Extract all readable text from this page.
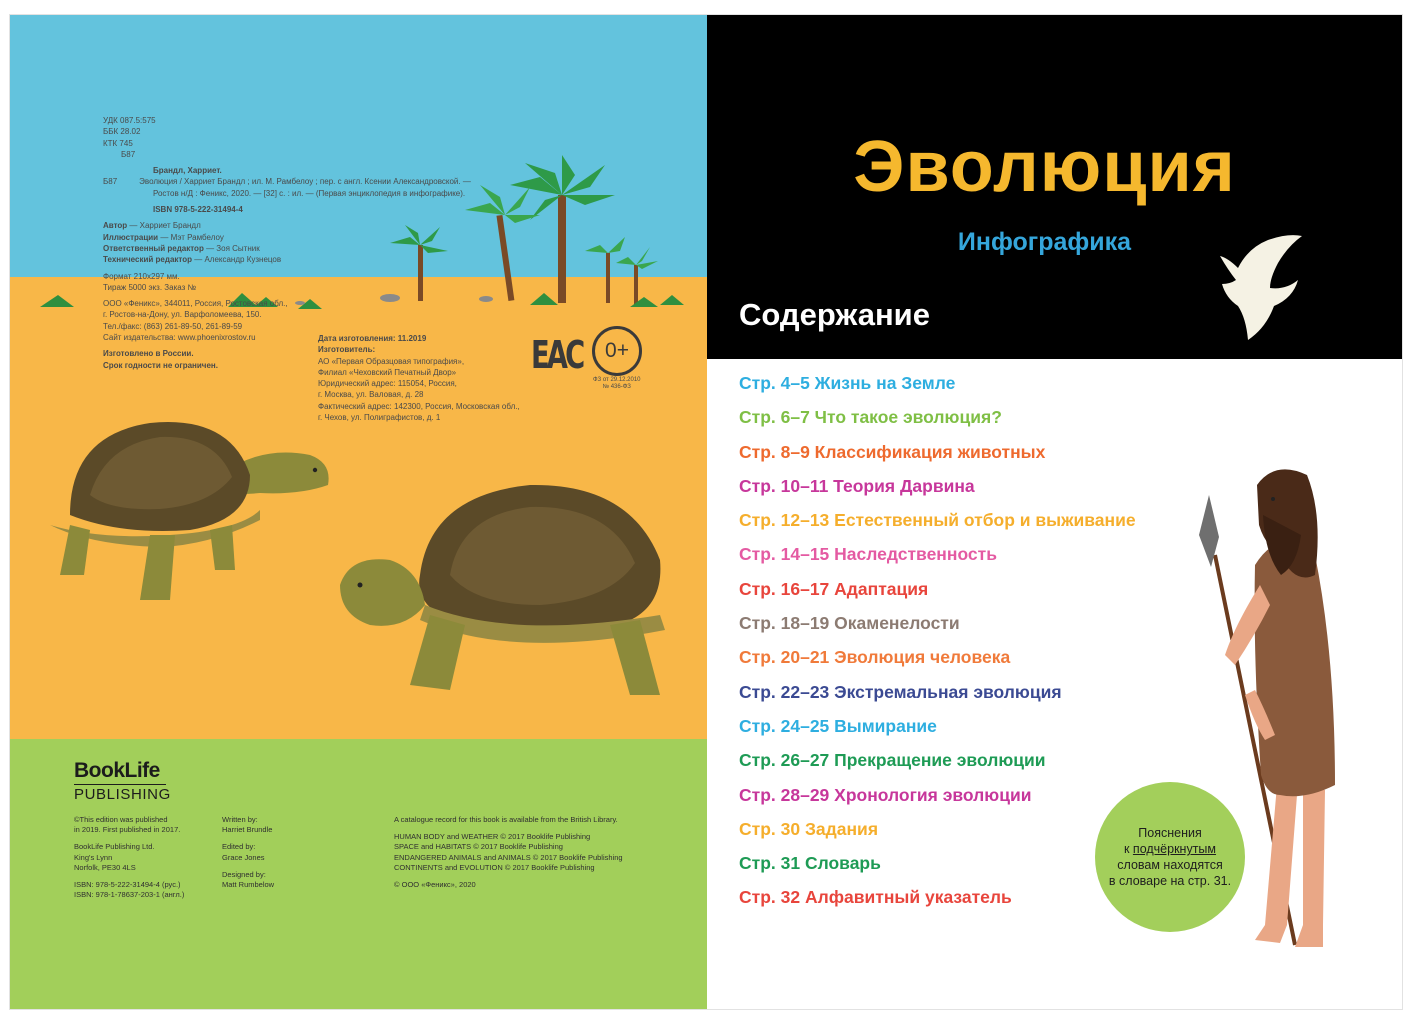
УДК 087.5:575
ББК 28.02
КТК 745
Б87
Брандл, Харриет.
Б87	Эволюция / Харриет Брандл ; ил. М. Рамбелоу ; пер. с англ. Ксении Александровской. —
Ростов н/Д : Феникс, 2020. — [32] с. : ил. — (Первая энциклопедия в инфографике).
ISBN 978-5-222-31494-4
Автор — Харриет Брандл
Иллюстрации — Мэт Рамбелоу
Ответственный редактор — Зоя Сытник
Технический редактор — Александр Кузнецов
Формат 210x297 мм.
Тираж 5000 экз. Заказ №
ООО «Феникс», 344011, Россия, Ростовская обл.,
г. Ростов-на-Дону, ул. Варфоломеева, 150.
Тел./факс: (863) 261-89-50, 261-89-59
Сайт издательства: www.phoenixrostov.ru
Изготовлено в России.
Срок годности не ограничен.
Дата изготовления: 11.2019
Изготовитель:
АО «Первая Образцовая типография»,
Филиал «Чеховский Печатный Двор»
Юридический адрес: 115054, Россия,
г. Москва, ул. Валовая, д. 28
Фактический адрес: 142300, Россия, Московская обл.,
г. Чехов, ул. Полиграфистов, д. 1
EAC	0+
ФЗ от 29.12.2010
№ 436-ФЗ
BookLife
PUBLISHING
©This edition was published
in 2019. First published in 2017.
BookLife Publishing Ltd.
King's Lynn
Norfolk, PE30 4LS
ISBN: 978-5-222-31494-4 (рус.)
ISBN: 978-1-78637-203-1 (англ.)
Written by:
Harriet Brundle
Edited by:
Grace Jones
Designed by:
Matt Rumbelow
A catalogue record for this book is available from the British Library.
HUMAN BODY and WEATHER © 2017 Booklife Publishing
SPACE and HABITATS © 2017 Booklife Publishing
ENDANGERED ANIMALS and ANIMALS © 2017 Booklife Publishing
CONTINENTS and EVOLUTION © 2017 Booklife Publishing
© ООО «Феникс», 2020
Эволюция
Инфографика
Содержание
Стр. 4–5 Жизнь на Земле
Стр. 6–7 Что такое эволюция?
Стр. 8–9 Классификация животных
Стр. 10–11 Теория Дарвина
Стр. 12–13 Естественный отбор и выживание
Стр. 14–15 Наследственность
Стр. 16–17 Адаптация
Стр. 18–19 Окаменелости
Стр. 20–21 Эволюция человека
Стр. 22–23 Экстремальная эволюция
Стр. 24–25 Вымирание
Стр. 26–27 Прекращение эволюции
Стр. 28–29 Хронология эволюции
Стр. 30 Задания
Стр. 31 Словарь
Стр. 32 Алфавитный указатель
Пояснения
к подчёркнутым
словам находятся
в словаре на стр. 31.
